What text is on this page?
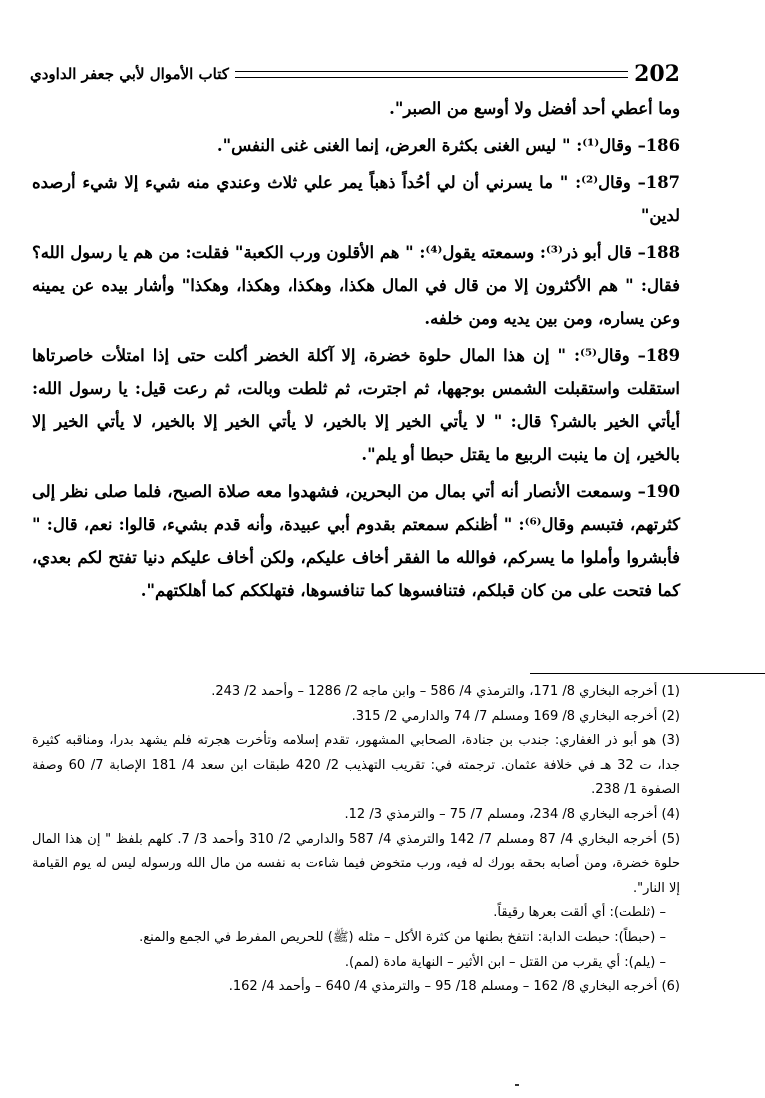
كتاب الأموال لأبي جعفر الداودي	202

وما أعطي أحد أفضل ولا أوسع من الصبر".

186– وقال⁽¹⁾: " ليس الغنى بكثرة العرض، إنما الغنى غنى النفس".

187– وقال⁽²⁾: " ما يسرني أن لي أحُداً ذهباً يمر علي ثلاث وعندي منه شيء إلا شيء أرصده لدين"

188– قال أبو ذر⁽³⁾: وسمعته يقول⁽⁴⁾: " هم الأقلون ورب الكعبة" فقلت: من هم يا رسول الله؟ فقال: " هم الأكثرون إلا من قال في المال هكذا، وهكذا، وهكذا، وهكذا" وأشار بيده عن يمينه وعن يساره، ومن بين يديه ومن خلفه.

189– وقال⁽⁵⁾: " إن هذا المال حلوة خضرة، إلا آكلة الخضر أكلت حتى إذا امتلأت خاصرتاها استقلت واستقبلت الشمس بوجهها، ثم اجترت، ثم ثلطت وبالت، ثم رعت قيل: يا رسول الله: أيأتي الخير بالشر؟ قال: " لا يأتي الخير إلا بالخير، لا يأتي الخير إلا بالخير، لا يأتي الخير إلا بالخير، إن ما ينبت الربيع ما يقتل حبطا أو يلم".

190– وسمعت الأنصار أنه أتي بمال من البحرين، فشهدوا معه صلاة الصبح، فلما صلى نظر إلى كثرتهم، فتبسم وقال⁽⁶⁾: " أظنكم سمعتم بقدوم أبي عبيدة، وأنه قدم بشيء، قالوا: نعم، قال: " فأبشروا وأملوا ما يسركم، فوالله ما الفقر أخاف عليكم، ولكن أخاف عليكم دنيا تفتح لكم بعدي، كما فتحت على من كان قبلكم، فتنافسوها كما تنافسوها، فتهلككم كما أهلكتهم".

(1) أخرجه البخاري 8/ 171، والترمذي 4/ 586 – وابن ماجه 2/ 1286 – وأحمد 2/ 243.

(2) أخرجه البخاري 8/ 169 ومسلم 7/ 74 والدارمي 2/ 315.

(3) هو أبو ذر الغفاري: جندب بن جنادة، الصحابي المشهور، تقدم إسلامه وتأخرت هجرته فلم يشهد بدرا، ومناقبه كثيرة جدا، ت 32 هـ في خلافة عثمان. ترجمته في: تقريب التهذيب 2/ 420 طبقات ابن سعد 4/ 181 الإصابة 7/ 60 وصفة الصفوة 1/ 238.

(4) أخرجه البخاري 8/ 234، ومسلم 7/ 75 – والترمذي 3/ 12.

(5) أخرجه البخاري 4/ 87 ومسلم 7/ 142 والترمذي 4/ 587 والدارمي 2/ 310 وأحمد 3/ 7. كلهم بلفظ " إن هذا المال حلوة خضرة، ومن أصابه بحقه بورك له فيه، ورب متخوض فيما شاءت به نفسه من مال الله ورسوله ليس له يوم القيامة إلا النار".

– (ثلطت): أي ألقت بعرها رقيقاً.

– (حبطاً): حبطت الدابة: انتفخ بطنها من كثرة الأكل – مثله (ﷺ) للحريص المفرط في الجمع والمنع.

– (يلم): أي يقرب من القتل – ابن الأثير – النهاية مادة (لمم).

(6) أخرجه البخاري 8/ 162 – ومسلم 18/ 95 – والترمذي 4/ 640 – وأحمد 4/ 162.
